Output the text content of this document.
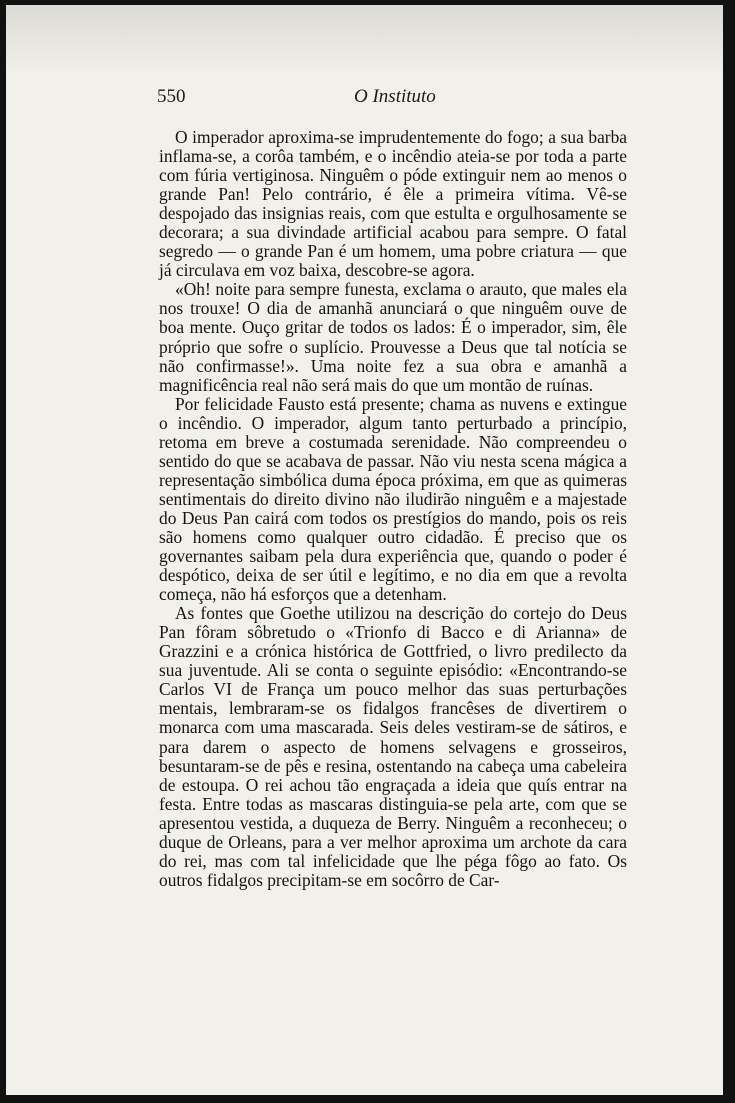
550	O Instituto

O imperador aproxima-se imprudentemente do fogo; a sua barba inflama-se, a corôa também, e o incêndio ateia-se por toda a parte com fúria vertiginosa. Ninguêm o póde extinguir nem ao menos o grande Pan! Pelo contrário, é êle a primeira vítima. Vê-se despojado das insignias reais, com que estulta e orgulhosamente se decorara; a sua divindade artificial acabou para sempre. O fatal segredo — o grande Pan é um homem, uma pobre criatura — que já circulava em voz baixa, descobre-se agora.

«Oh! noite para sempre funesta, exclama o arauto, que males ela nos trouxe! O dia de amanhã anunciará o que ninguêm ouve de boa mente. Ouço gritar de todos os lados: É o imperador, sim, êle próprio que sofre o suplício. Prouvesse a Deus que tal notícia se não confirmasse!». Uma noite fez a sua obra e amanhã a magnificência real não será mais do que um montão de ruínas.

Por felicidade Fausto está presente; chama as nuvens e extingue o incêndio. O imperador, algum tanto perturbado a princípio, retoma em breve a costumada serenidade. Não compreendeu o sentido do que se acabava de passar. Não viu nesta scena mágica a representação simbólica duma época próxima, em que as quimeras sentimentais do direito divino não iludirão ninguêm e a majestade do Deus Pan cairá com todos os prestígios do mando, pois os reis são homens como qualquer outro cidadão. É preciso que os governantes saibam pela dura experiência que, quando o poder é despótico, deixa de ser útil e legítimo, e no dia em que a revolta começa, não há esforços que a detenham.

As fontes que Goethe utilizou na descrição do cortejo do Deus Pan fôram sôbretudo o «Trionfo di Bacco e di Arianna» de Grazzini e a crónica histórica de Gottfried, o livro predilecto da sua juventude. Ali se conta o seguinte episódio: «Encontrando-se Carlos VI de França um pouco melhor das suas perturbações mentais, lembraram-se os fidalgos francêses de divertirem o monarca com uma mascarada. Seis deles vestiram-se de sátiros, e para darem o aspecto de homens selvagens e grosseiros, besuntaram-se de pês e resina, ostentando na cabeça uma cabeleira de estoupa. O rei achou tão engraçada a ideia que quís entrar na festa. Entre todas as mascaras distinguia-se pela arte, com que se apresentou vestida, a duqueza de Berry. Ninguêm a reconheceu; o duque de Orleans, para a ver melhor aproxima um archote da cara do rei, mas com tal infelicidade que lhe péga fôgo ao fato. Os outros fidalgos precipitam-se em socôrro de Car-
